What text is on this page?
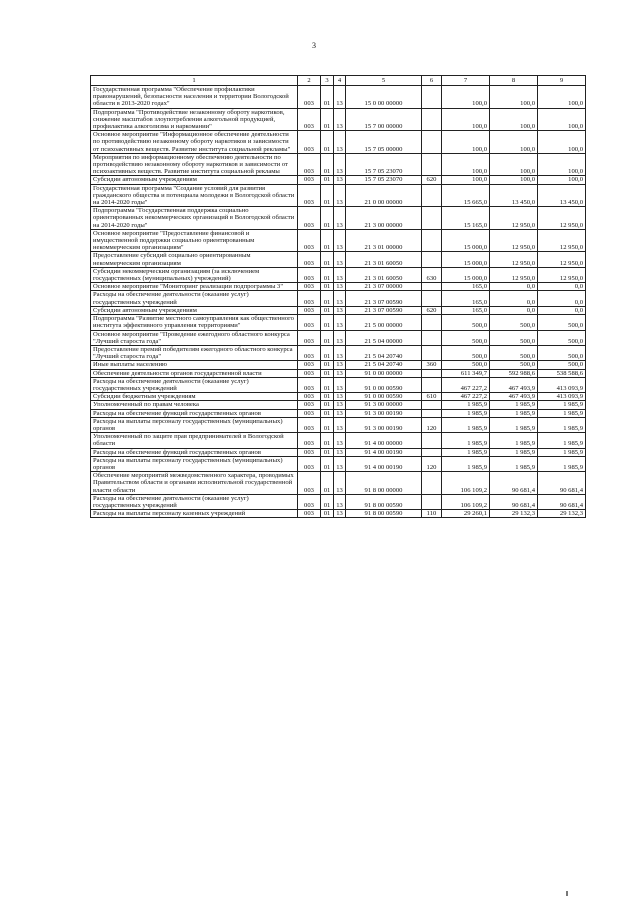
3
1	2	3	4	5	6	7	8	9
Государственная программа "Обеспечение профилактики правонарушений, безопасности населения и территории Вологодской области в 2013-2020 годах"	003	01	13	15 0 00 00000		100,0	100,0	100,0
Подпрограмма "Противодействие незаконному обороту наркотиков, снижение масштабов злоупотребления алкогольной продукцией, профилактика алкоголизма и наркомании"	003	01	13	15 7 00 00000		100,0	100,0	100,0
Основное мероприятие "Информационное обеспечение деятельности по противодействию незаконному обороту наркотиков и зависимости от психоактивных веществ. Развитие института социальной рекламы"	003	01	13	15 7 05 00000		100,0	100,0	100,0
Мероприятия по информационному обеспечению деятельности по противодействию незаконному обороту наркотиков и зависимости от психоактивных веществ. Развитие института социальной рекламы	003	01	13	15 7 05 23070		100,0	100,0	100,0
Субсидии автономным учреждениям	003	01	13	15 7 05 23070	620	100,0	100,0	100,0
Государственная программа "Создание условий для развития гражданского общества и потенциала молодежи в Вологодской области на 2014-2020 годы"	003	01	13	21 0 00 00000		15 665,0	13 450,0	13 450,0
Подпрограмма "Государственная поддержка социально ориентированных некоммерческих организаций в Вологодской области на 2014-2020 годы"	003	01	13	21 3 00 00000		15 165,0	12 950,0	12 950,0
Основное мероприятие "Предоставление финансовой и имущественной поддержки социально ориентированным некоммерческим организациям"	003	01	13	21 3 01 00000		15 000,0	12 950,0	12 950,0
Предоставление субсидий социально ориентированным некоммерческим организациям	003	01	13	21 3 01 60050		15 000,0	12 950,0	12 950,0
Субсидии некоммерческим организациям (за исключением государственных (муниципальных) учреждений)	003	01	13	21 3 01 60050	630	15 000,0	12 950,0	12 950,0
Основное мероприятие "Мониторинг реализации подпрограммы 3"	003	01	13	21 3 07 00000		165,0	0,0	0,0
Расходы на обеспечение деятельности (оказание услуг) государственных учреждений	003	01	13	21 3 07 00590		165,0	0,0	0,0
Субсидии автономным учреждениям	003	01	13	21 3 07 00590	620	165,0	0,0	0,0
Подпрограмма "Развитие местного самоуправления как общественного института эффективного управления территориями"	003	01	13	21 5 00 00000		500,0	500,0	500,0
Основное мероприятие "Проведение ежегодного областного конкурса "Лучший староста года"	003	01	13	21 5 04 00000		500,0	500,0	500,0
Предоставление премий победителям ежегодного областного конкурса "Лучший староста года"	003	01	13	21 5 04 20740		500,0	500,0	500,0
Иные выплаты населению	003	01	13	21 5 04 20740	360	500,0	500,0	500,0
Обеспечение деятельности органов государственной власти	003	01	13	91 0 00 00000		611 349,7	592 988,6	538 588,6
Расходы на обеспечение деятельности (оказание услуг) государственных учреждений	003	01	13	91 0 00 00590		467 227,2	467 493,9	413 093,9
Субсидии бюджетным учреждениям	003	01	13	91 0 00 00590	610	467 227,2	467 493,9	413 093,9
Уполномоченный по правам человека	003	01	13	91 3 00 00000		1 985,9	1 985,9	1 985,9
Расходы на обеспечение функций государственных органов	003	01	13	91 3 00 00190		1 985,9	1 985,9	1 985,9
Расходы на выплаты персоналу государственных (муниципальных) органов	003	01	13	91 3 00 00190	120	1 985,9	1 985,9	1 985,9
Уполномоченный по защите прав предпринимателей в Вологодской области	003	01	13	91 4 00 00000		1 985,9	1 985,9	1 985,9
Расходы на обеспечение функций государственных органов	003	01	13	91 4 00 00190		1 985,9	1 985,9	1 985,9
Расходы на выплаты персоналу государственных (муниципальных) органов	003	01	13	91 4 00 00190	120	1 985,9	1 985,9	1 985,9
Обеспечение мероприятий межведомственного характера, проводимых Правительством области и органами исполнительной государственной власти области	003	01	13	91 8 00 00000		106 109,2	90 681,4	90 681,4
Расходы на обеспечение деятельности (оказание услуг) государственных учреждений	003	01	13	91 8 00 00590		106 109,2	90 681,4	90 681,4
Расходы на выплаты персоналу казенных учреждений	003	01	13	91 8 00 00590	110	29 260,1	29 132,3	29 132,3
